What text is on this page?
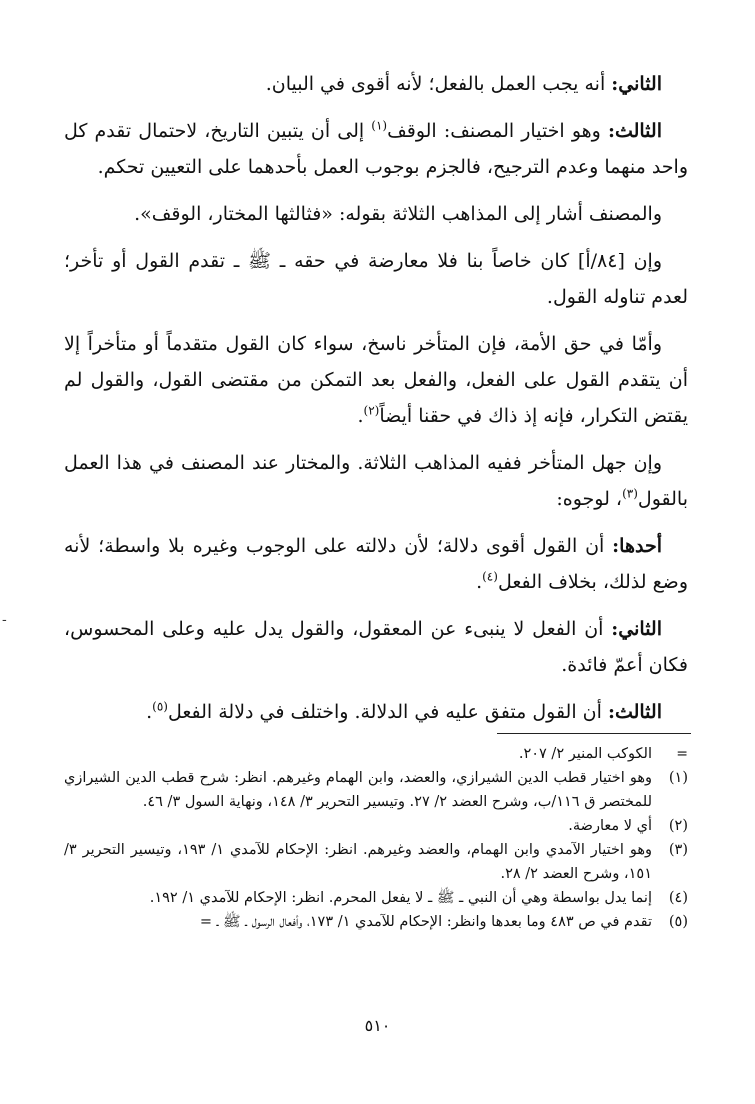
الثاني: أنه يجب العمل بالفعل؛ لأنه أقوى في البيان.

الثالث: وهو اختيار المصنف: الوقف$^{(١)}$ إلى أن يتبين التاريخ، لاحتمال تقدم كل واحد منهما وعدم الترجيح، فالجزم بوجوب العمل بأحدهما على التعيين تحكم.

والمصنف أشار إلى المذاهب الثلاثة بقوله: «فثالثها المختار، الوقف».

وإن [٨٤/أ] كان خاصاً بنا فلا معارضة في حقه ـ ﷺ ـ تقدم القول أو تأخر؛ لعدم تناوله القول.

وأمّا في حق الأمة، فإن المتأخر ناسخ، سواء كان القول متقدماً أو متأخراً إلا أن يتقدم القول على الفعل، والفعل بعد التمكن من مقتضى القول، والقول لم يقتض التكرار، فإنه إذ ذاك في حقنا أيضاً$^{(٢)}$.

وإن جهل المتأخر ففيه المذاهب الثلاثة. والمختار عند المصنف في هذا العمل بالقول$^{(٣)}$، لوجوه:

أحدها: أن القول أقوى دلالة؛ لأن دلالته على الوجوب وغيره بلا واسطة؛ لأنه وضع لذلك، بخلاف الفعل$^{(٤)}$.

الثاني: أن الفعل لا ينبىء عن المعقول، والقول يدل عليه وعلى المحسوس، فكان أعمّ فائدة.

الثالث: أن القول متفق عليه في الدلالة. واختلف في دلالة الفعل$^{(٥)}$.

=
الكوكب المنير ٢/ ٢٠٧.

(١)
وهو اختيار قطب الدين الشيرازي، والعضد، وابن الهمام وغيرهم. انظر: شرح قطب الدين الشيرازي للمختصر ق ١١٦/ب، وشرح العضد ٢/ ٢٧. وتيسير التحرير ٣/ ١٤٨، ونهاية السول ٣/ ٤٦.

(٢)
أي لا معارضة.

(٣)
وهو اختيار الآمدي وابن الهمام، والعضد وغيرهم. انظر: الإحكام للآمدي ١/ ١٩٣، وتيسير التحرير ٣/ ١٥١، وشرح العضد ٢/ ٢٨.

(٤)
إنما يدل بواسطة وهي أن النبي ـ ﷺ ـ لا يفعل المحرم. انظر: الإحكام للآمدي ١/ ١٩٢.

(٥)
تقدم في ص ٤٨٣ وما بعدها وانظر: الإحكام للآمدي ١/ ١٧٣، وأفعال الرسول ـ ﷺ ـ =

٥١٠
-
